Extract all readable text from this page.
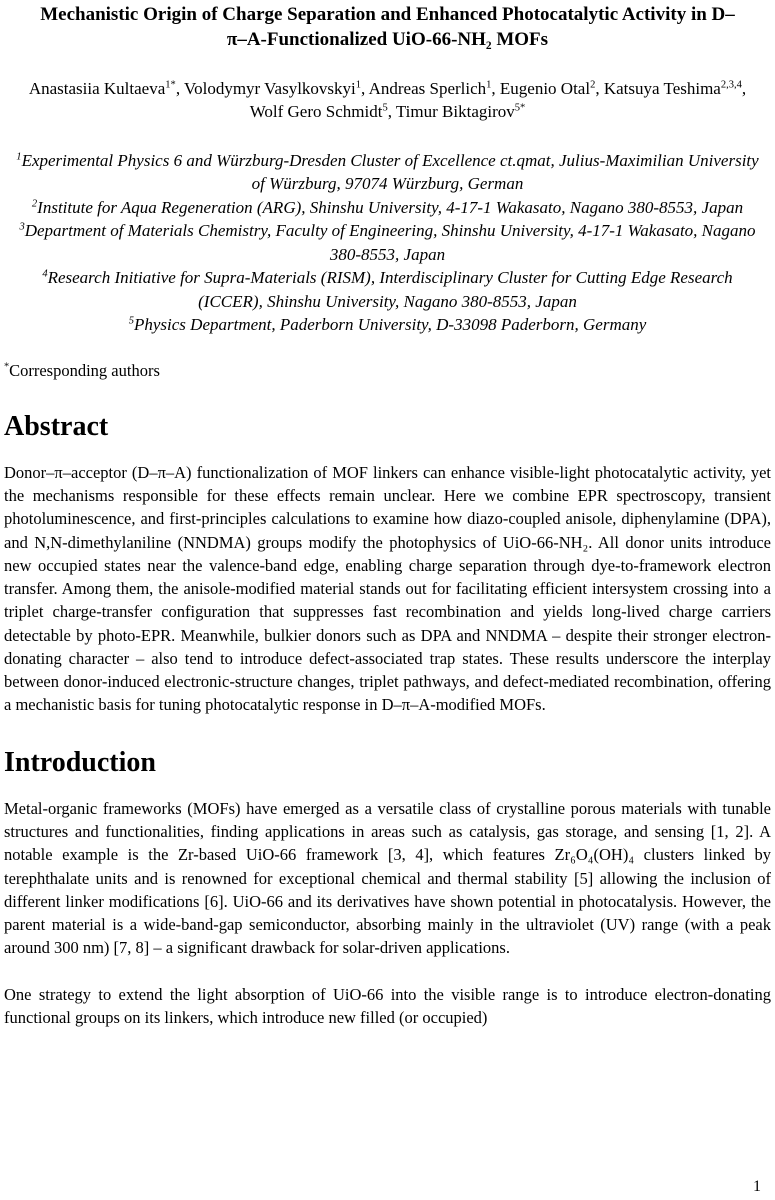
Mechanistic Origin of Charge Separation and Enhanced Photocatalytic Activity in D–π–A-Functionalized UiO-66-NH₂ MOFs

Anastasiia Kultaeva$^{1*}$, Volodymyr Vasylkovskyi$^1$, Andreas Sperlich$^1$, Eugenio Otal$^2$, Katsuya Teshima$^{2,3,4}$, Wolf Gero Schmidt$^5$, Timur Biktagirov$^{5*}$

$^1$Experimental Physics 6 and Würzburg-Dresden Cluster of Excellence ct.qmat, Julius-Maximilian University of Würzburg, 97074 Würzburg, German

$^2$Institute for Aqua Regeneration (ARG), Shinshu University, 4-17-1 Wakasato, Nagano 380-8553, Japan

$^3$Department of Materials Chemistry, Faculty of Engineering, Shinshu University, 4-17-1 Wakasato, Nagano 380-8553, Japan

$^4$Research Initiative for Supra-Materials (RISM), Interdisciplinary Cluster for Cutting Edge Research (ICCER), Shinshu University, Nagano 380-8553, Japan

$^5$Physics Department, Paderborn University, D-33098 Paderborn, Germany

*Corresponding authors

Abstract

Donor–π–acceptor (D–π–A) functionalization of MOF linkers can enhance visible-light photocatalytic activity, yet the mechanisms responsible for these effects remain unclear. Here we combine EPR spectroscopy, transient photoluminescence, and first-principles calculations to examine how diazo-coupled anisole, diphenylamine (DPA), and N,N-dimethylaniline (NNDMA) groups modify the photophysics of UiO-66-NH₂. All donor units introduce new occupied states near the valence-band edge, enabling charge separation through dye-to-framework electron transfer. Among them, the anisole-modified material stands out for facilitating efficient intersystem crossing into a triplet charge-transfer configuration that suppresses fast recombination and yields long-lived charge carriers detectable by photo-EPR. Meanwhile, bulkier donors such as DPA and NNDMA – despite their stronger electron-donating character – also tend to introduce defect-associated trap states. These results underscore the interplay between donor-induced electronic-structure changes, triplet pathways, and defect-mediated recombination, offering a mechanistic basis for tuning photocatalytic response in D–π–A-modified MOFs.

Introduction

Metal-organic frameworks (MOFs) have emerged as a versatile class of crystalline porous materials with tunable structures and functionalities, finding applications in areas such as catalysis, gas storage, and sensing [1, 2]. A notable example is the Zr-based UiO-66 framework [3, 4], which features Zr₆O₄(OH)₄ clusters linked by terephthalate units and is renowned for exceptional chemical and thermal stability [5] allowing the inclusion of different linker modifications [6]. UiO-66 and its derivatives have shown potential in photocatalysis. However, the parent material is a wide-band-gap semiconductor, absorbing mainly in the ultraviolet (UV) range (with a peak around 300 nm) [7, 8] – a significant drawback for solar-driven applications.

One strategy to extend the light absorption of UiO-66 into the visible range is to introduce electron-donating functional groups on its linkers, which introduce new filled (or occupied)

1
